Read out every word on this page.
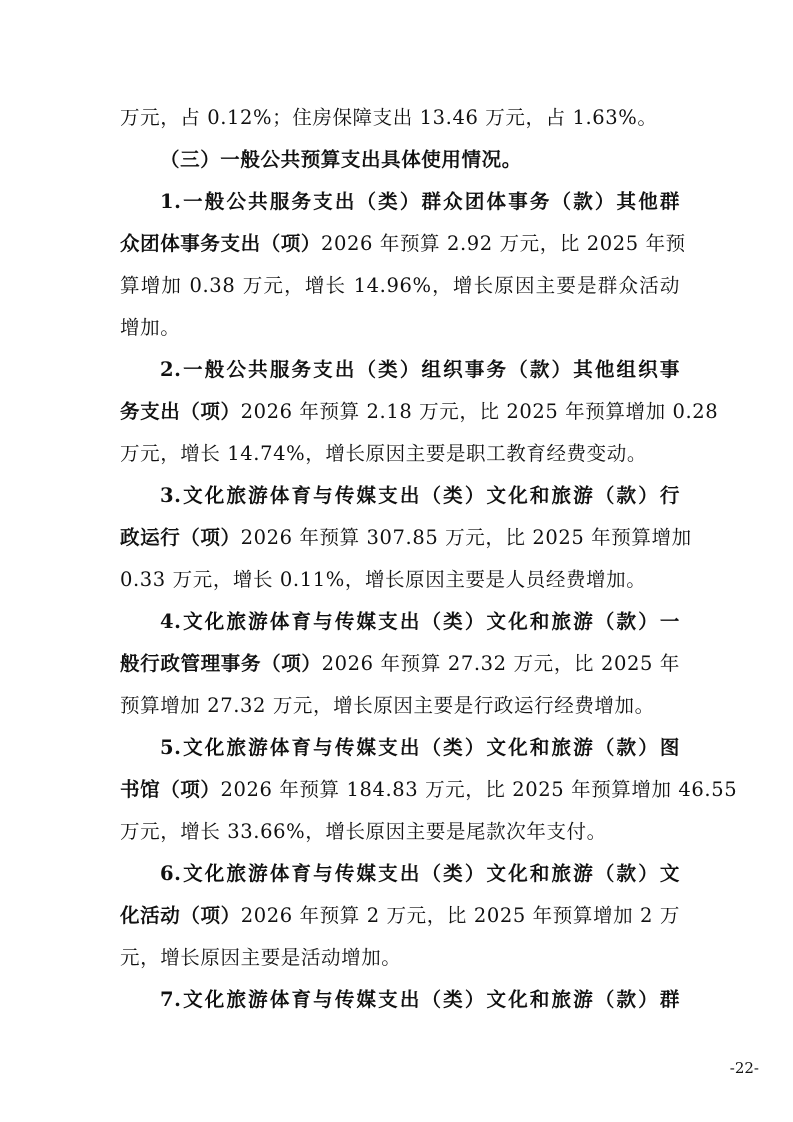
万元，占 0.12%；住房保障支出 13.46 万元，占 1.63%。
（三）一般公共预算支出具体使用情况。
1.一般公共服务支出（类）群众团体事务（款）其他群
众团体事务支出（项）2026 年预算 2.92 万元，比 2025 年预
算增加 0.38 万元，增长 14.96%，增长原因主要是群众活动
增加。
2.一般公共服务支出（类）组织事务（款）其他组织事
务支出（项）2026 年预算 2.18 万元，比 2025 年预算增加 0.28
万元，增长 14.74%，增长原因主要是职工教育经费变动。
3.文化旅游体育与传媒支出（类）文化和旅游（款）行
政运行（项）2026 年预算 307.85 万元，比 2025 年预算增加
0.33 万元，增长 0.11%，增长原因主要是人员经费增加。
4.文化旅游体育与传媒支出（类）文化和旅游（款）一
般行政管理事务（项）2026 年预算 27.32 万元，比 2025 年
预算增加 27.32 万元，增长原因主要是行政运行经费增加。
5.文化旅游体育与传媒支出（类）文化和旅游（款）图
书馆（项）2026 年预算 184.83 万元，比 2025 年预算增加 46.55
万元，增长 33.66%，增长原因主要是尾款次年支付。
6.文化旅游体育与传媒支出（类）文化和旅游（款）文
化活动（项）2026 年预算 2 万元，比 2025 年预算增加 2 万
元，增长原因主要是活动增加。
7.文化旅游体育与传媒支出（类）文化和旅游（款）群
-22-
